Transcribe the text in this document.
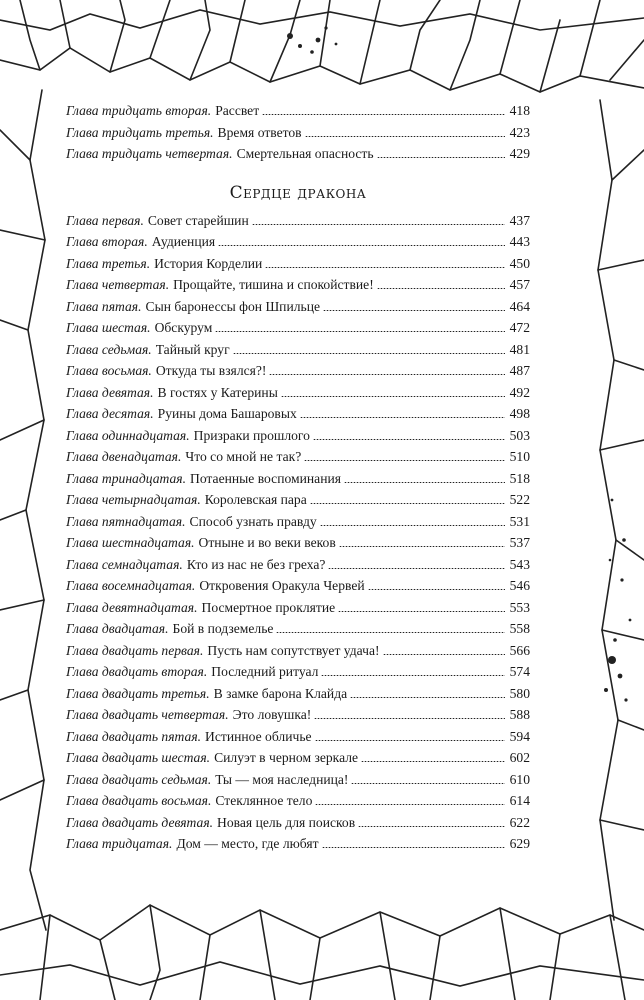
Глава тридцать вторая. Рассвет	418
Глава тридцать третья. Время ответов	423
Глава тридцать четвертая. Смертельная опасность	429
Сердце дракона
Глава первая. Совет старейшин	437
Глава вторая. Аудиенция	443
Глава третья. История Корделии	450
Глава четвертая. Прощайте, тишина и спокойствие!	457
Глава пятая. Сын баронессы фон Шпильце	464
Глава шестая. Обскурум	472
Глава седьмая. Тайный круг	481
Глава восьмая. Откуда ты взялся?!	487
Глава девятая. В гостях у Катерины	492
Глава десятая. Руины дома Башаровых	498
Глава одиннадцатая. Призраки прошлого	503
Глава двенадцатая. Что со мной не так?	510
Глава тринадцатая. Потаенные воспоминания	518
Глава четырнадцатая. Королевская пара	522
Глава пятнадцатая. Способ узнать правду	531
Глава шестнадцатая. Отныне и во веки веков	537
Глава семнадцатая. Кто из нас не без греха?	543
Глава восемнадцатая. Откровения Оракула Червей	546
Глава девятнадцатая. Посмертное проклятие	553
Глава двадцатая. Бой в подземелье	558
Глава двадцать первая. Пусть нам сопутствует удача!	566
Глава двадцать вторая. Последний ритуал	574
Глава двадцать третья. В замке барона Клайда	580
Глава двадцать четвертая. Это ловушка!	588
Глава двадцать пятая. Истинное обличье	594
Глава двадцать шестая. Силуэт в черном зеркале	602
Глава двадцать седьмая. Ты — моя наследница!	610
Глава двадцать восьмая. Стеклянное тело	614
Глава двадцать девятая. Новая цель для поисков	622
Глава тридцатая. Дом — место, где любят	629
